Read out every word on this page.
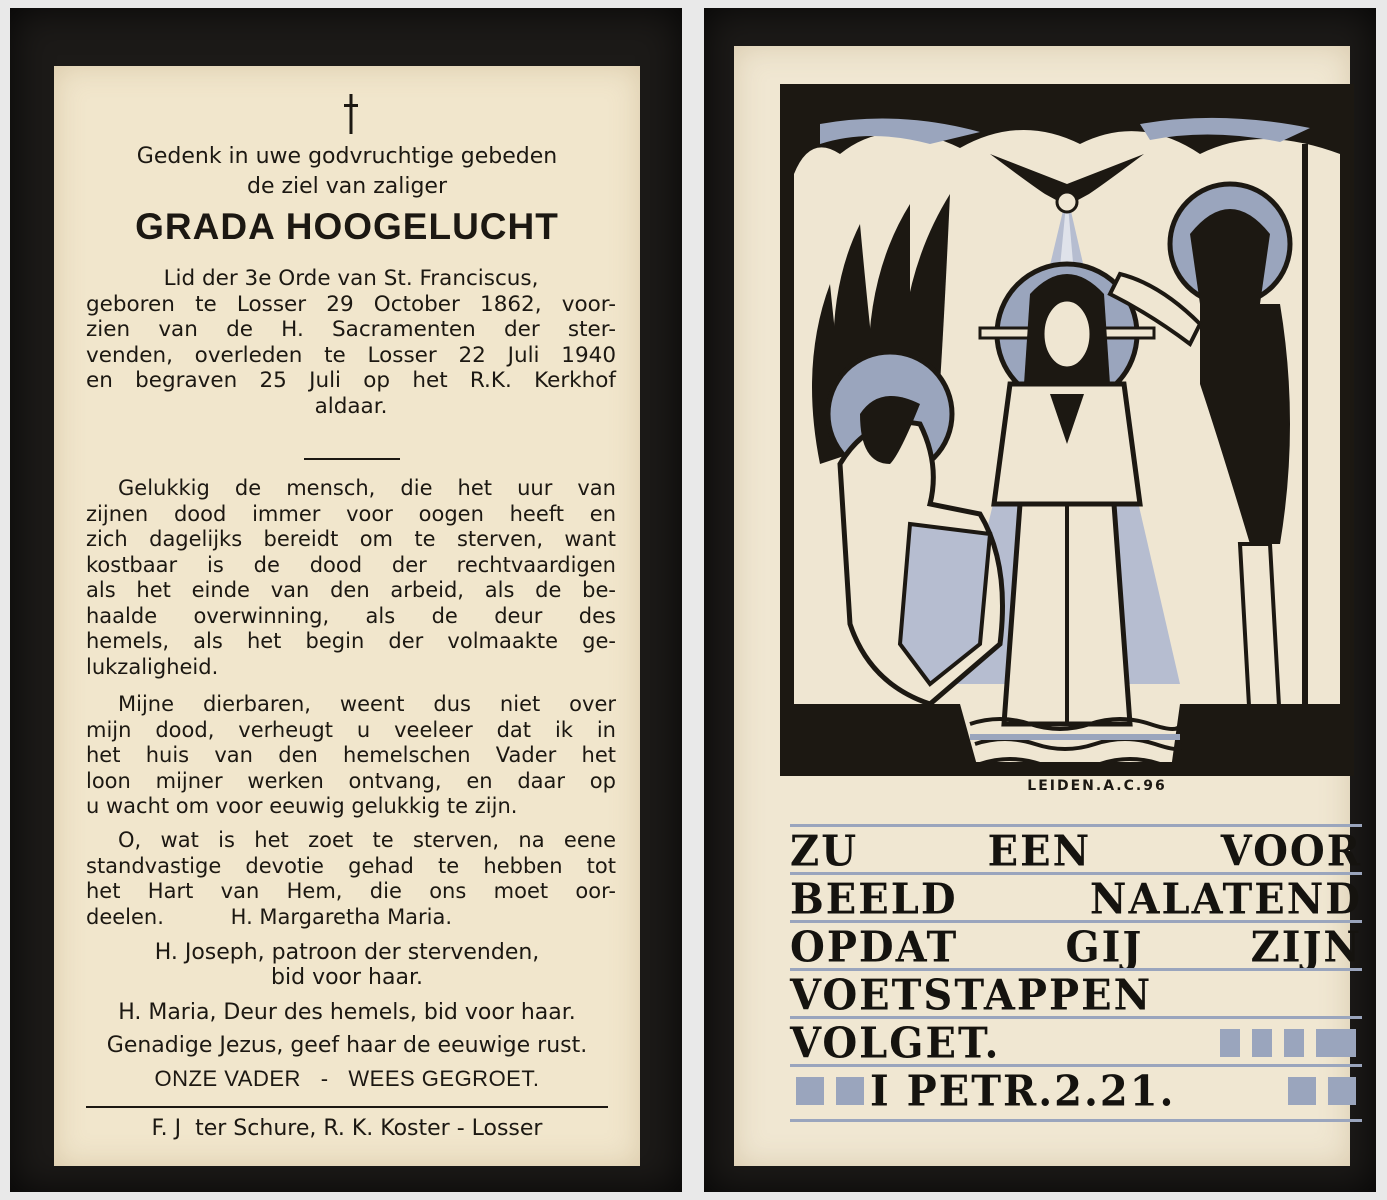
Gedenk in uwe godvruchtige gebeden
de ziel van zaliger
GRADA HOOGELUCHT
Lid der 3e Orde van St. Franciscus,
geboren te Losser 29 October 1862, voor-
zien van de H. Sacramenten der ster-
venden, overleden te Losser 22 Juli 1940
en begraven 25 Juli op het R.K. Kerkhof
aldaar.
Gelukkig de mensch, die het uur van
zijnen dood immer voor oogen heeft en
zich dagelijks bereidt om te sterven, want
kostbaar is de dood der rechtvaardigen
als het einde van den arbeid, als de be-
haalde overwinning, als de deur des
hemels, als het begin der volmaakte ge-
lukzaligheid.
Mijne dierbaren, weent dus niet over
mijn dood, verheugt u veeleer dat ik in
het huis van den hemelschen Vader het
loon mijner werken ontvang, en daar op
u wacht om voor eeuwig gelukkig te zijn.
O, wat is het zoet te sterven, na eene
standvastige devotie gehad te hebben tot
het Hart van Hem, die ons moet oor-
deelen.          H. Margaretha Maria.
H. Joseph, patroon der stervenden,
bid voor haar.
H. Maria, Deur des hemels, bid voor haar.
Genadige Jezus, geef haar de eeuwige rust.
ONZE VADER   -   WEES GEGROET.
F. J  ter Schure, R. K. Koster - Losser
LEIDEN.A.C.96
ZU EEN VOOR
BEELD NALATEND
OPDAT GIJ ZIJN
VOETSTAPPEN
VOLGET.
I PETR.2.21.
